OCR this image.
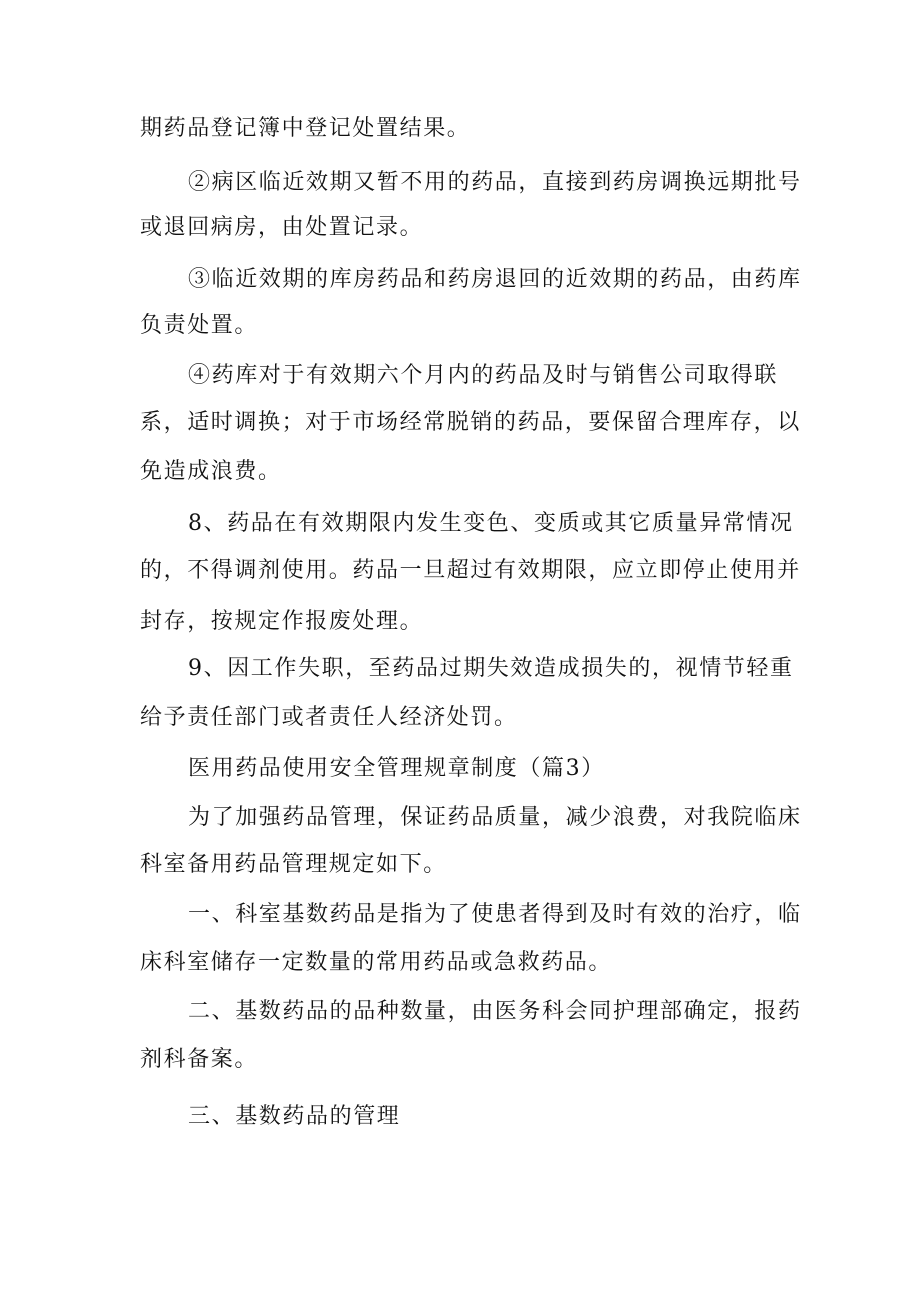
期药品登记簿中登记处置结果。
②病区临近效期又暂不用的药品，直接到药房调换远期批号
或退回病房，由处置记录。
③临近效期的库房药品和药房退回的近效期的药品，由药库
负责处置。
④药库对于有效期六个月内的药品及时与销售公司取得联
系，适时调换；对于市场经常脱销的药品，要保留合理库存，以
免造成浪费。
8、药品在有效期限内发生变色、变质或其它质量异常情况
的，不得调剂使用。药品一旦超过有效期限，应立即停止使用并
封存，按规定作报废处理。
9、因工作失职，至药品过期失效造成损失的，视情节轻重
给予责任部门或者责任人经济处罚。
医用药品使用安全管理规章制度（篇3）
为了加强药品管理，保证药品质量，减少浪费，对我院临床
科室备用药品管理规定如下。
一、科室基数药品是指为了使患者得到及时有效的治疗，临
床科室储存一定数量的常用药品或急救药品。
二、基数药品的品种数量，由医务科会同护理部确定，报药
剂科备案。
三、基数药品的管理
